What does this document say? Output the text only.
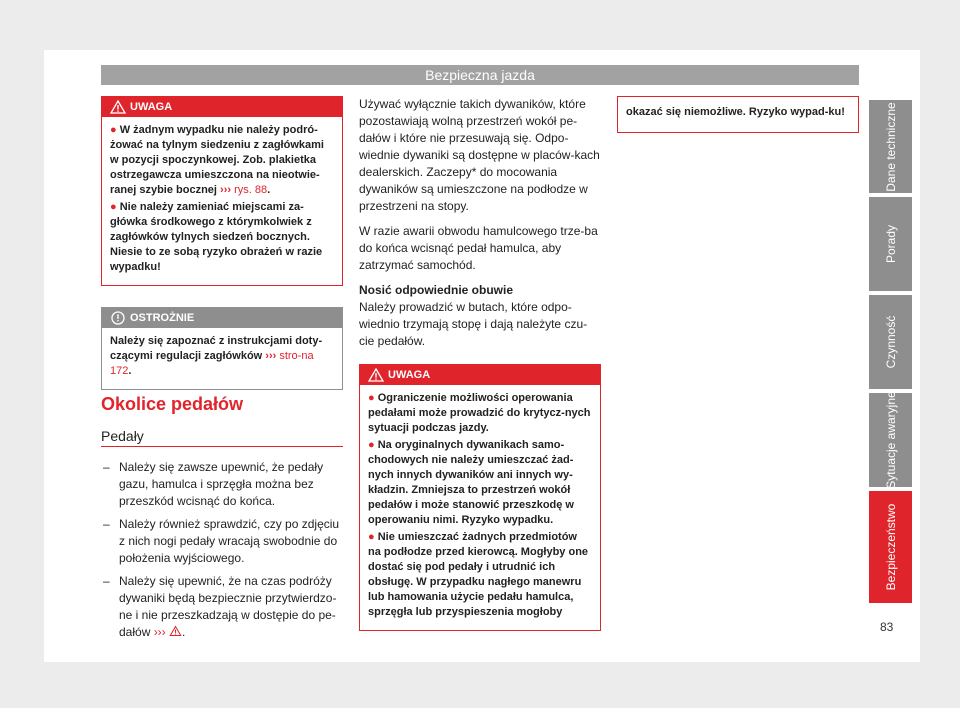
Bezpieczna jazda
Dane techniczne
Porady
Czynność
Sytuacje awaryjne
Bezpieczeństwo
83
UWAGA

● W żadnym wypadku nie należy podró-żować na tylnym siedzeniu z zagłówkami w pozycji spoczynkowej. Zob. plakietka ostrzegawcza umieszczona na nieotwie-ranej szybie bocznej ››› rys. 88.

● Nie należy zamieniać miejscami za-główka środkowego z którymkolwiek z zagłówków tylnych siedzeń bocznych. Niesie to ze sobą ryzyko obrażeń w razie wypadku!

OSTROŻNIE

Należy się zapoznać z instrukcjami doty-czącymi regulacji zagłówków ››› stro-na 172.

Okolice pedałów
Pedały
– Należy się zawsze upewnić, że pedały gazu, hamulca i sprzęgła można bez przeszkód wcisnąć do końca.
– Należy również sprawdzić, czy po zdjęciu z nich nogi pedały wracają swobodnie do położenia wyjściowego.
– Należy się upewnić, że na czas podróży dywaniki będą bezpiecznie przytwierdzo-ne i nie przeszkadzają w dostępie do pe-dałów ››› .

Używać wyłącznie takich dywaników, które pozostawiają wolną przestrzeń wokół pe-dałów i które nie przesuwają się. Odpo-wiednie dywaniki są dostępne w placów-kach dealerskich. Zaczepy* do mocowania dywaników są umieszczone na podłodze w przestrzeni na stopy.

W razie awarii obwodu hamulcowego trze-ba do końca wcisnąć pedał hamulca, aby zatrzymać samochód.

Nosić odpowiednie obuwie

Należy prowadzić w butach, które odpo-wiednio trzymają stopę i dają należyte czu-cie pedałów.

UWAGA

● Ograniczenie możliwości operowania pedałami może prowadzić do krytycz-nych sytuacji podczas jazdy.

● Na oryginalnych dywanikach samo-chodowych nie należy umieszczać żad-nych innych dywaników ani innych wy-kładzin. Zmniejsza to przestrzeń wokół pedałów i może stanowić przeszkodę w operowaniu nimi. Ryzyko wypadku.

● Nie umieszczać żadnych przedmiotów na podłodze przed kierowcą. Mogłyby one dostać się pod pedały i utrudnić ich obsługę. W przypadku nagłego manewru lub hamowania użycie pedału hamulca, sprzęgła lub przyspieszenia mogłoby

okazać się niemożliwe. Ryzyko wypad-ku!
